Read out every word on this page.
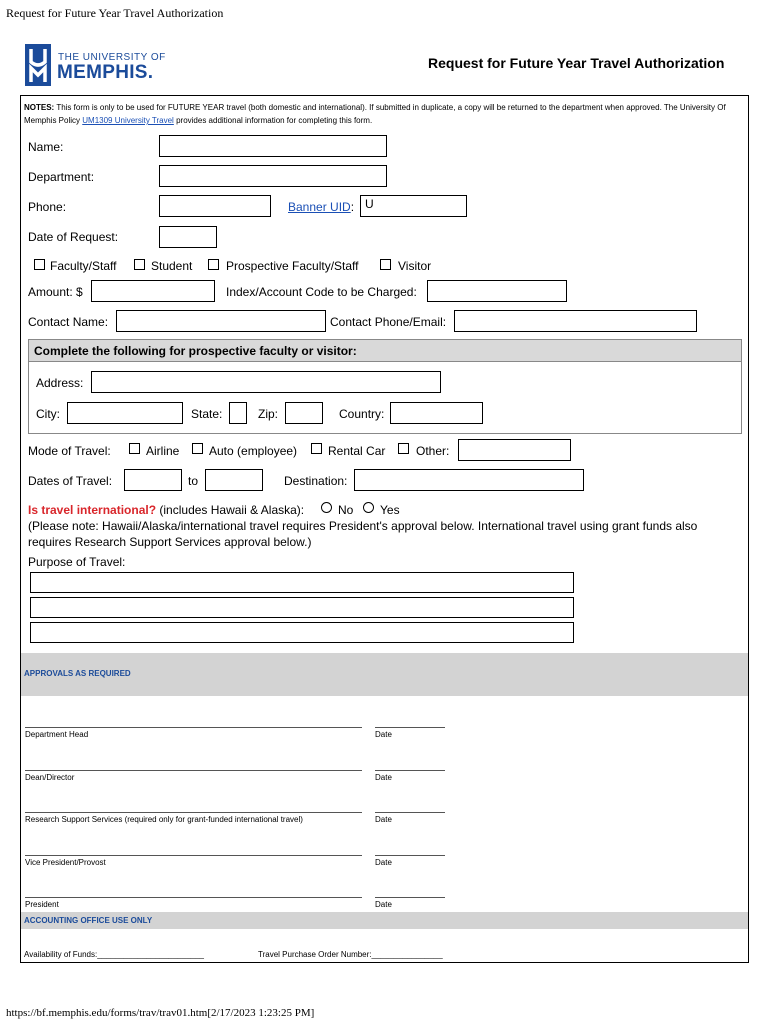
Request for Future Year Travel Authorization
THE UNIVERSITY OF
MEMPHIS.	Request for Future Year Travel Authorization
NOTES: This form is only to be used for FUTURE YEAR travel (both domestic and international). If submitted in duplicate, a copy will be returned to the department when approved. The University Of Memphis Policy UM1309 University Travel provides additional information for completing this form.
Name:
Department:
Phone:	Banner UID: U
Date of Request:
Faculty/Staff	Student	Prospective Faculty/Staff	Visitor
Amount: $	Index/Account Code to be Charged:
Contact Name:	Contact Phone/Email:
Complete the following for prospective faculty or visitor:
Address:
City:	State:	Zip:	Country:
Mode of Travel:	Airline Auto (employee)	Rental Car	Other:
Dates of Travel:	to	Destination:
Is travel international? (includes Hawaii & Alaska):	No Yes
(Please note: Hawaii/Alaska/international travel requires President's approval below. International travel using grant funds also
requires Research Support Services approval below.)
Purpose of Travel:
APPROVALS AS REQUIRED
Department Head	Date
Dean/Director	Date
Research Support Services (required only for grant-funded international travel)	Date
Vice President/Provost	Date
President	Date
ACCOUNTING OFFICE USE ONLY
Availability of Funds:________________________	Travel Purchase Order Number:________________
https://bf.memphis.edu/forms/trav/trav01.htm[2/17/2023 1:23:25 PM]
